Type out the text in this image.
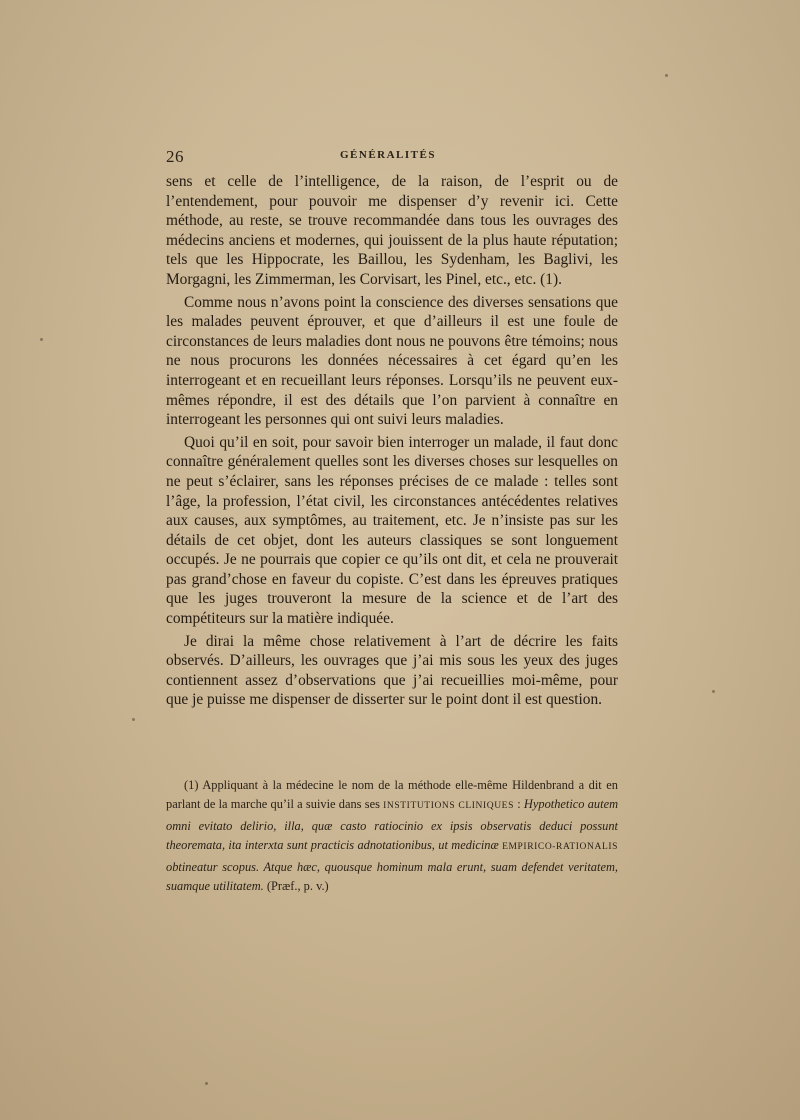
26	GÉNÉRALITÉS

sens et celle de l’intelligence, de la raison, de l’esprit ou de l’entendement, pour pouvoir me dispenser d’y revenir ici. Cette méthode, au reste, se trouve recommandée dans tous les ouvrages des médecins anciens et modernes, qui jouissent de la plus haute réputation; tels que les Hippocrate, les Baillou, les Sydenham, les Baglivi, les Morgagni, les Zimmerman, les Corvisart, les Pinel, etc., etc. (1).

Comme nous n’avons point la conscience des diverses sensations que les malades peuvent éprouver, et que d’ailleurs il est une foule de circonstances de leurs maladies dont nous ne pouvons être témoins; nous ne nous procurons les données nécessaires à cet égard qu’en les interrogeant et en recueillant leurs réponses. Lorsqu’ils ne peuvent eux-mêmes répondre, il est des détails que l’on parvient à connaître en interrogeant les personnes qui ont suivi leurs maladies.

Quoi qu’il en soit, pour savoir bien interroger un malade, il faut donc connaître généralement quelles sont les diverses choses sur lesquelles on ne peut s’éclairer, sans les réponses précises de ce malade : telles sont l’âge, la profession, l’état civil, les circonstances antécédentes relatives aux causes, aux symptômes, au traitement, etc. Je n’insiste pas sur les détails de cet objet, dont les auteurs classiques se sont longuement occupés. Je ne pourrais que copier ce qu’ils ont dit, et cela ne prouverait pas grand’chose en faveur du copiste. C’est dans les épreuves pratiques que les juges trouveront la mesure de la science et de l’art des compétiteurs sur la matière indiquée.

Je dirai la même chose relativement à l’art de décrire les faits observés. D’ailleurs, les ouvrages que j’ai mis sous les yeux des juges contiennent assez d’observations que j’ai recueillies moi-même, pour que je puisse me dispenser de disserter sur le point dont il est question.

(1) Appliquant à la médecine le nom de la méthode elle-même Hildenbrand a dit en parlant de la marche qu’il a suivie dans ses INSTITUTIONS CLINIQUES : Hypothetico autem omni evitato delirio, illa, quæ casto ratiocinio ex ipsis observatis deduci possunt theoremata, ita interxta sunt practicis adnotationibus, ut medicinæ EMPIRICO-RATIONALIS obtineatur scopus. Atque hæc, quousque hominum mala erunt, suam defendet veritatem, suamque utilitatem. (Præf., p. v.)
